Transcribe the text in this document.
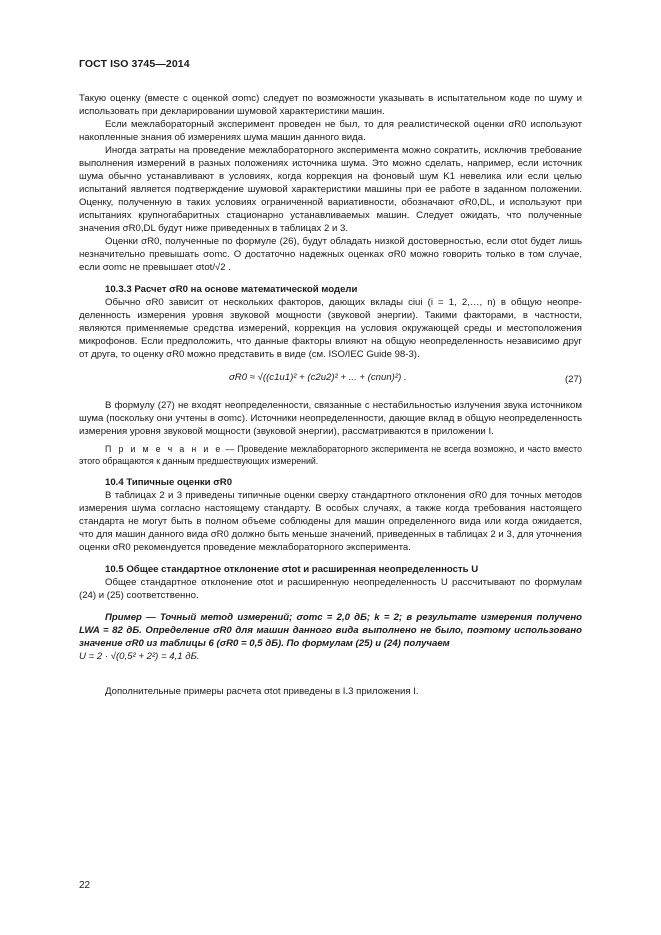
ГОСТ ISO 3745—2014

Такую оценку (вместе с оценкой σomc) следует по возможности указывать в испытательном коде по шуму и использовать при декларировании шумовой характеристики машин.

Если межлабораторный эксперимент проведен не был, то для реалистической оценки σR0 используют накопленные знания об измерениях шума машин данного вида.

Иногда затраты на проведение межлабораторного эксперимента можно сократить, исключив требование выполнения измерений в разных положениях источника шума. Это можно сделать, например, если источник шума обычно устанавливают в условиях, когда коррекция на фоновый шум K1 невелика или если целью испытаний является подтверждение шумовой характеристики машины при ее работе в заданном положении. Оценку, полученную в таких условиях ограниченной вариативности, обозначают σR0,DL, и используют при испытаниях крупногабаритных стационарно устанавливаемых машин. Следует ожидать, что полученные значения σR0,DL будут ниже приведенных в таблицах 2 и 3.

Оценки σR0, полученные по формуле (26), будут обладать низкой достоверностью, если σtot будет лишь незначительно превышать σomc. О достаточно надежных оценках σR0 можно говорить только в том случае, если σomc не превышает σtot/√2 .

10.3.3 Расчет σR0 на основе математической модели

Обычно σR0 зависит от нескольких факторов, дающих вклады ciui (i = 1, 2,…, n) в общую неопределенность измерения уровня звуковой мощности (звуковой энергии). Такими факторами, в частности, являются применяемые средства измерений, коррекция на условия окружающей среды и местоположения микрофонов. Если предположить, что данные факторы влияют на общую неопределенность независимо друг от друга, то оценку σR0 можно представить в виде (см. ISO/IEC Guide 98-3).

σR0 ≈ √((c1u1)² + (c2u2)² + ... + (cnun)²) .	(27)

В формулу (27) не входят неопределенности, связанные с нестабильностью излучения звука источником шума (поскольку они учтены в σomc). Источники неопределенности, дающие вклад в общую неопределенность измерения уровня звуковой мощности (звуковой энергии), рассматриваются в приложении I.

П р и м е ч а н и е — Проведение межлабораторного эксперимента не всегда возможно, и часто вместо этого обращаются к данным предшествующих измерений.

10.4 Типичные оценки σR0

В таблицах 2 и 3 приведены типичные оценки сверху стандартного отклонения σR0 для точных методов измерения шума согласно настоящему стандарту. В особых случаях, а также когда требования настоящего стандарта не могут быть в полном объеме соблюдены для машин определенного вида или когда ожидается, что для машин данного вида σR0 должно быть меньше значений, приведенных в таблицах 2 и 3, для уточнения оценки σR0 рекомендуется проведение межлабораторного эксперимента.

10.5 Общее стандартное отклонение σtot и расширенная неопределенность U

Общее стандартное отклонение σtot и расширенную неопределенность U рассчитывают по формулам (24) и (25) соответственно.

Пример — Точный метод измерений; σomc = 2,0 дБ; k = 2; в результате измерения получено LWA = 82 дБ. Определение σR0 для машин данного вида выполнено не было, поэтому использовано значение σR0 из таблицы 6 (σR0 = 0,5 дБ). По формулам (25) и (24) получаем

U = 2 · √(0,5² + 2²) = 4,1 дБ.

Дополнительные примеры расчета σtot приведены в I.3 приложения I.

22
